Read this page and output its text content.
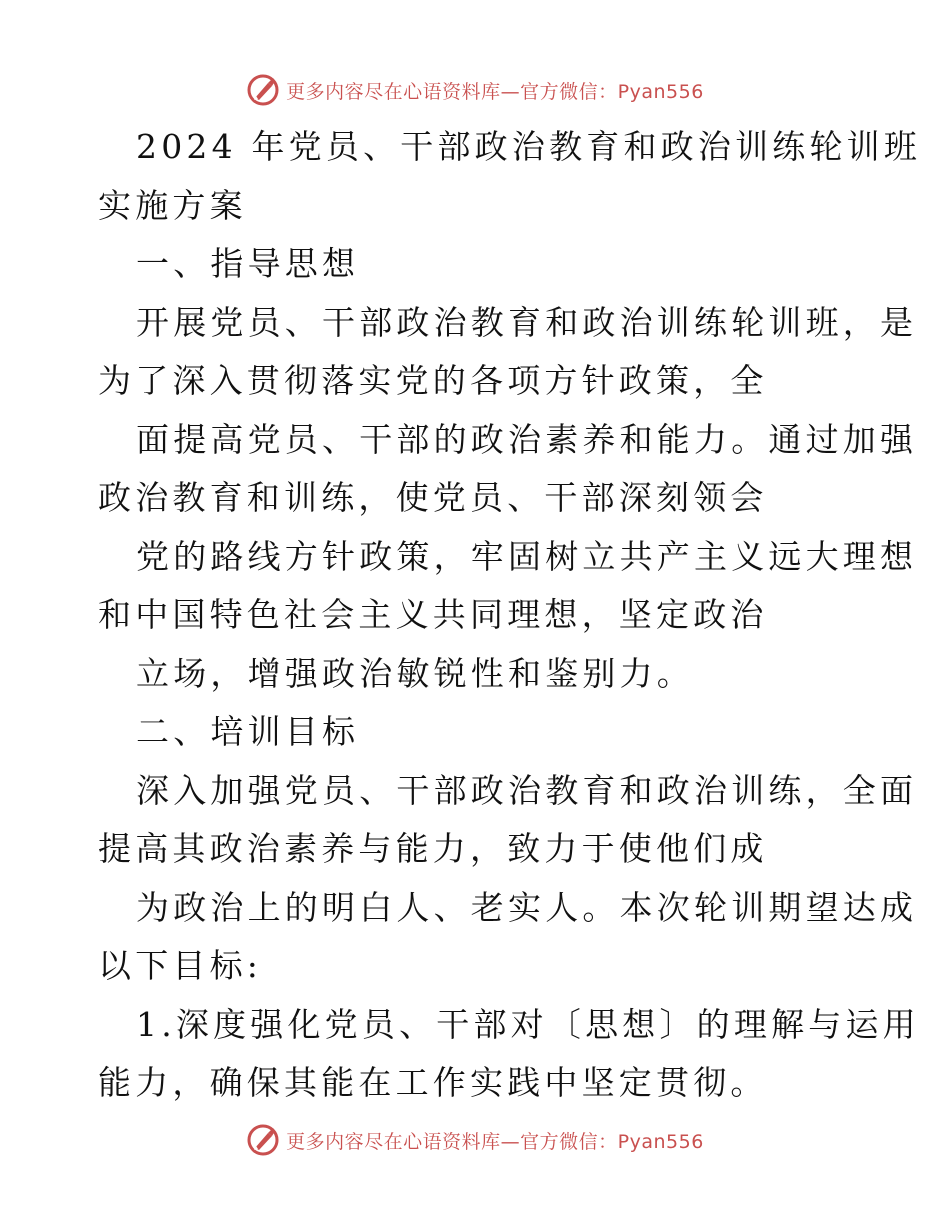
更多内容尽在心语资料库—官方微信：Pyan556
2024 年党员、干部政治教育和政治训练轮训班
实施方案
一、指导思想
开展党员、干部政治教育和政治训练轮训班，是
为了深入贯彻落实党的各项方针政策，全
面提高党员、干部的政治素养和能力。通过加强
政治教育和训练，使党员、干部深刻领会
党的路线方针政策，牢固树立共产主义远大理想
和中国特色社会主义共同理想，坚定政治
立场，增强政治敏锐性和鉴别力。
二、培训目标
深入加强党员、干部政治教育和政治训练，全面
提高其政治素养与能力，致力于使他们成
为政治上的明白人、老实人。本次轮训期望达成
以下目标:
1.深度强化党员、干部对〔思想〕的理解与运用
能力，确保其能在工作实践中坚定贯彻。
更多内容尽在心语资料库—官方微信：Pyan556
